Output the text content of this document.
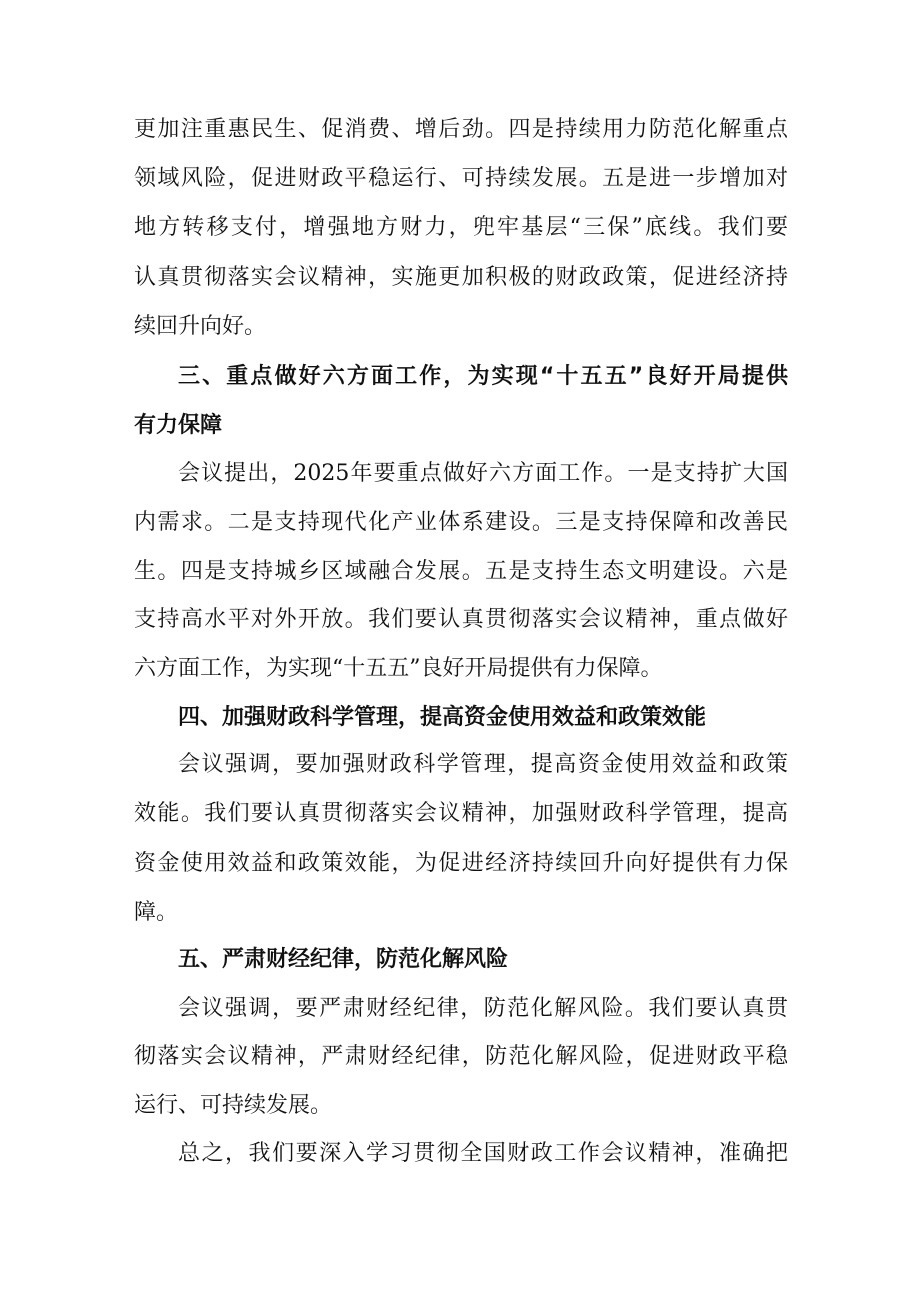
更加注重惠民生、促消费、增后劲。四是持续用力防范化解重点
领域风险，促进财政平稳运行、可持续发展。五是进一步增加对
地方转移支付，增强地方财力，兜牢基层“三保”底线。我们要
认真贯彻落实会议精神，实施更加积极的财政政策，促进经济持
续回升向好。
三、重点做好六方面工作，为实现“十五五”良好开局提供
有力保障
会议提出，2025年要重点做好六方面工作。一是支持扩大国
内需求。二是支持现代化产业体系建设。三是支持保障和改善民
生。四是支持城乡区域融合发展。五是支持生态文明建设。六是
支持高水平对外开放。我们要认真贯彻落实会议精神，重点做好
六方面工作，为实现“十五五”良好开局提供有力保障。
四、加强财政科学管理，提高资金使用效益和政策效能
会议强调，要加强财政科学管理，提高资金使用效益和政策
效能。我们要认真贯彻落实会议精神，加强财政科学管理，提高
资金使用效益和政策效能，为促进经济持续回升向好提供有力保
障。
五、严肃财经纪律，防范化解风险
会议强调，要严肃财经纪律，防范化解风险。我们要认真贯
彻落实会议精神，严肃财经纪律，防范化解风险，促进财政平稳
运行、可持续发展。
总之，我们要深入学习贯彻全国财政工作会议精神，准确把
